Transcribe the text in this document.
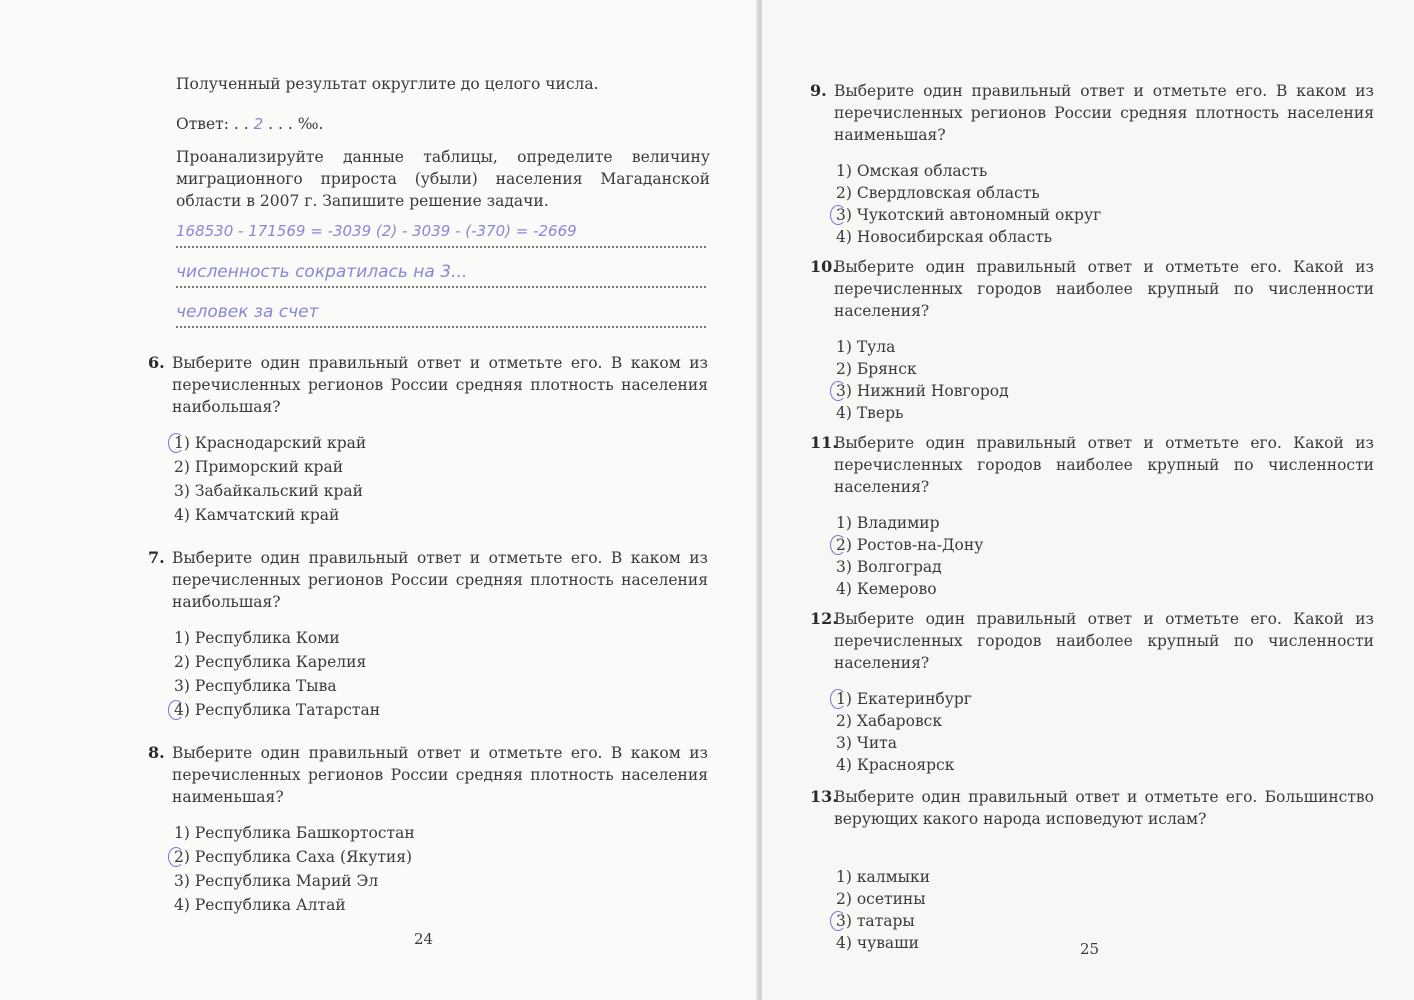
Полученный результат округлите до целого числа.
Ответ: . . 2 . . . ‰.
Проанализируйте данные таблицы, определите величину миграционного прироста (убыли) населения Магаданской области в 2007 г. Запишите решение задачи.
168530 - 171569 = -3039 (2) - 3039 - (-370) = -2669
численность сократилась на 3...
человек за счет
6. Выберите один правильный ответ и отметьте его. В каком из перечисленных регионов России средняя плотность населения наибольшая?
1) Краснодарский край
2) Приморский край
3) Забайкальский край
4) Камчатский край
7. Выберите один правильный ответ и отметьте его. В каком из перечисленных регионов России средняя плотность населения наибольшая?
1) Республика Коми
2) Республика Карелия
3) Республика Тыва
4) Республика Татарстан
8. Выберите один правильный ответ и отметьте его. В каком из перечисленных регионов России средняя плотность населения наименьшая?
1) Республика Башкортостан
2) Республика Саха (Якутия)
3) Республика Марий Эл
4) Республика Алтай
24
9. Выберите один правильный ответ и отметьте его. В каком из перечисленных регионов России средняя плотность населения наименьшая?
1) Омская область
2) Свердловская область
3) Чукотский автономный округ
4) Новосибирская область
10.
Выберите один правильный ответ и отметьте его. Какой из перечисленных городов наиболее крупный по численности населения?
1) Тула
2) Брянск
3) Нижний Новгород
4) Тверь
11.
Выберите один правильный ответ и отметьте его. Какой из перечисленных городов наиболее крупный по численности населения?
1) Владимир
2) Ростов-на-Дону
3) Волгоград
4) Кемерово
12.
Выберите один правильный ответ и отметьте его. Какой из перечисленных городов наиболее крупный по численности населения?
1) Екатеринбург
2) Хабаровск
3) Чита
4) Красноярск
13.
Выберите один правильный ответ и отметьте его. Большинство верующих какого народа исповедуют ислам?
1) калмыки
2) осетины
3) татары
4) чуваши	25
